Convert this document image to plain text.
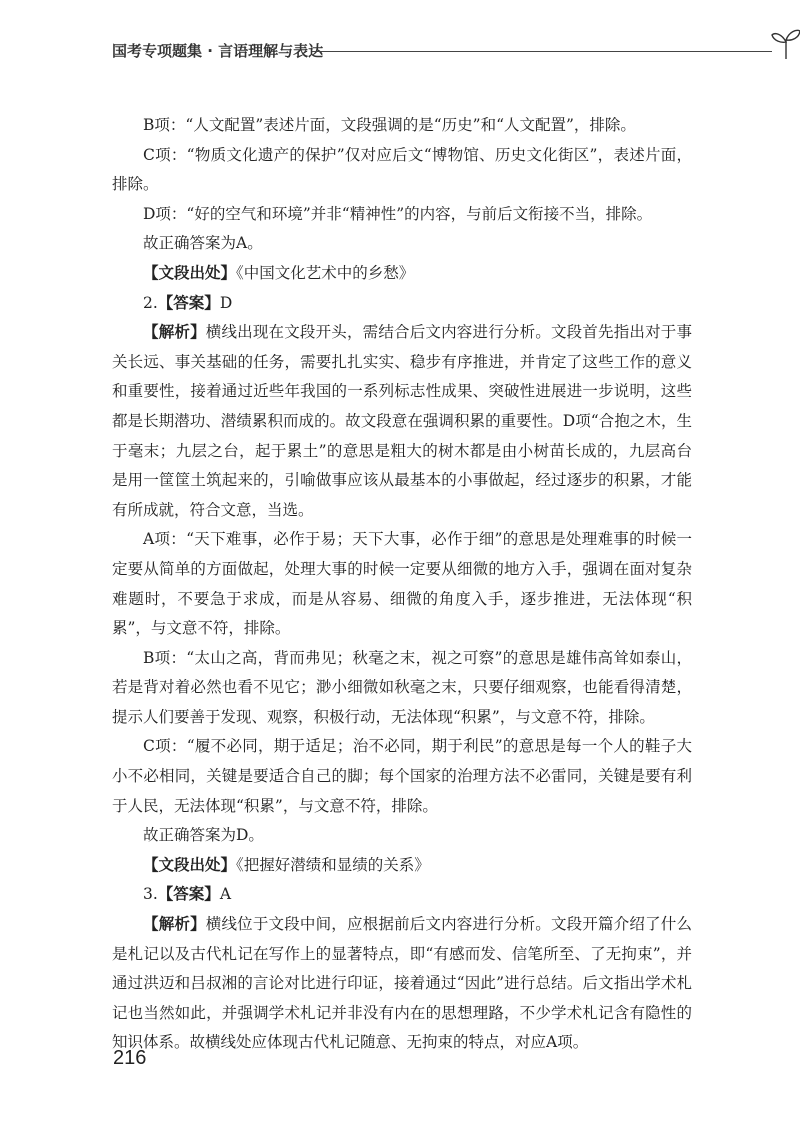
国考专项题集 · 言语理解与表达

B项：“人文配置”表述片面，文段强调的是“历史”和“人文配置”，排除。

C项：“物质文化遗产的保护”仅对应后文“博物馆、历史文化街区”，表述片面，排除。

D项：“好的空气和环境”并非“精神性”的内容，与前后文衔接不当，排除。

故正确答案为A。

【文段出处】《中国文化艺术中的乡愁》

2.【答案】D

【解析】横线出现在文段开头，需结合后文内容进行分析。文段首先指出对于事关长远、事关基础的任务，需要扎扎实实、稳步有序推进，并肯定了这些工作的意义和重要性，接着通过近些年我国的一系列标志性成果、突破性进展进一步说明，这些都是长期潜功、潜绩累积而成的。故文段意在强调积累的重要性。D项“合抱之木，生于毫末；九层之台，起于累土”的意思是粗大的树木都是由小树苗长成的，九层高台是用一筐筐土筑起来的，引喻做事应该从最基本的小事做起，经过逐步的积累，才能有所成就，符合文意，当选。

A项：“天下难事，必作于易；天下大事，必作于细”的意思是处理难事的时候一定要从简单的方面做起，处理大事的时候一定要从细微的地方入手，强调在面对复杂难题时，不要急于求成，而是从容易、细微的角度入手，逐步推进，无法体现“积累”，与文意不符，排除。

B项：“太山之高，背而弗见；秋毫之末，视之可察”的意思是雄伟高耸如泰山，若是背对着必然也看不见它；渺小细微如秋毫之末，只要仔细观察，也能看得清楚，提示人们要善于发现、观察，积极行动，无法体现“积累”，与文意不符，排除。

C项：“履不必同，期于适足；治不必同，期于利民”的意思是每一个人的鞋子大小不必相同，关键是要适合自己的脚；每个国家的治理方法不必雷同，关键是要有利于人民，无法体现“积累”，与文意不符，排除。

故正确答案为D。

【文段出处】《把握好潜绩和显绩的关系》

3.【答案】A

【解析】横线位于文段中间，应根据前后文内容进行分析。文段开篇介绍了什么是札记以及古代札记在写作上的显著特点，即“有感而发、信笔所至、了无拘束”，并通过洪迈和吕叔湘的言论对比进行印证，接着通过“因此”进行总结。后文指出学术札记也当然如此，并强调学术札记并非没有内在的思想理路，不少学术札记含有隐性的知识体系。故横线处应体现古代札记随意、无拘束的特点，对应A项。

216
